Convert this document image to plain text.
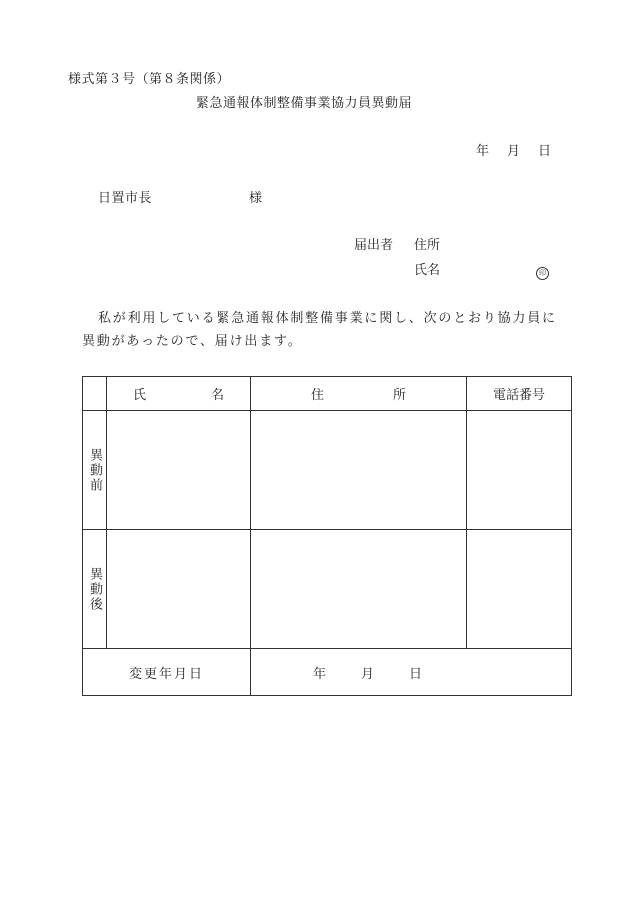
様式第３号（第８条関係）
緊急通報体制整備事業協力員異動届
年 月 日
日置市長	様
届出者 住所
氏名	印
私が利用している緊急通報体制整備事業に関し、次のとおり協力員に
異動があったので、届け出ます。

	氏 名	住 所	電話番号

異動前			

異動後			

変更年月日		年 月 日	
